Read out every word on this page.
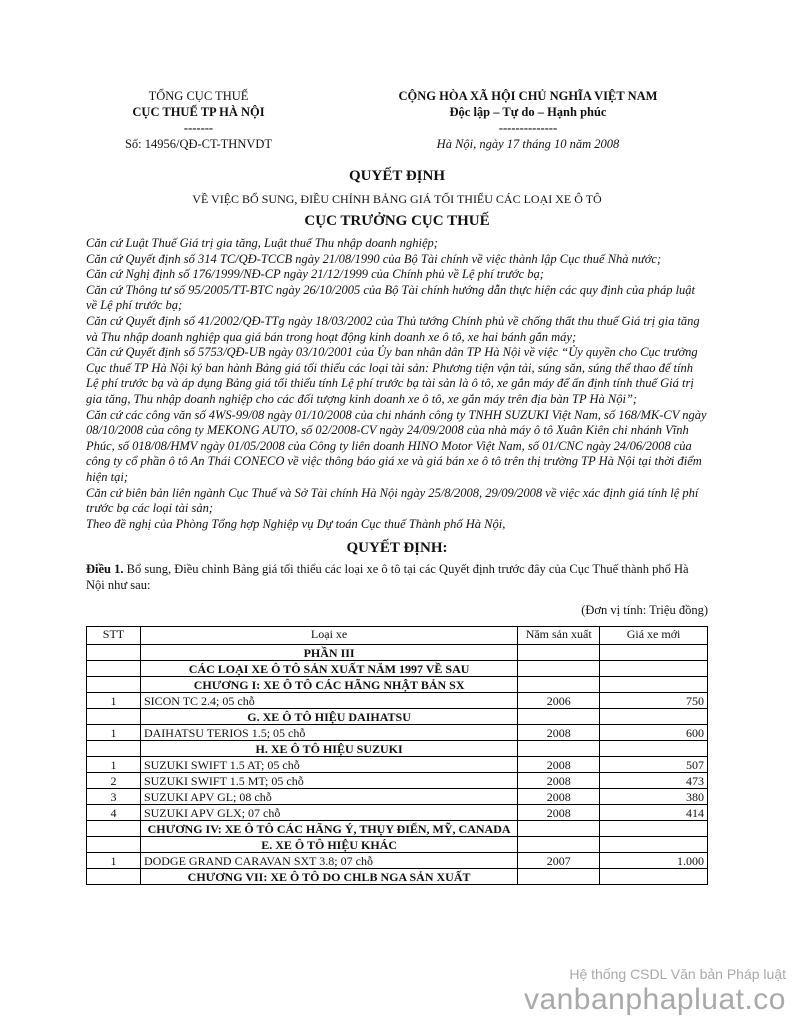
TỔNG CỤC THUẾ
CỤC THUẾ TP HÀ NỘI
-------
Số: 14956/QĐ-CT-THNVDT
CỘNG HÒA XÃ HỘI CHỦ NGHĨA VIỆT NAM
Độc lập – Tự do – Hạnh phúc
--------------
Hà Nội, ngày 17 tháng 10 năm 2008
QUYẾT ĐỊNH
VỀ VIỆC BỔ SUNG, ĐIỀU CHỈNH BẢNG GIÁ TỐI THIỂU CÁC LOẠI XE Ô TÔ
CỤC TRƯỞNG CỤC THUẾ

Căn cứ Luật Thuế Giá trị gia tăng, Luật thuế Thu nhập doanh nghiệp;

Căn cứ Quyết định số 314 TC/QĐ-TCCB ngày 21/08/1990 của Bộ Tài chính về việc thành lập Cục thuế Nhà nước;

Căn cứ Nghị định số 176/1999/NĐ-CP ngày 21/12/1999 của Chính phủ về Lệ phí trước bạ;

Căn cứ Thông tư số 95/2005/TT-BTC ngày 26/10/2005 của Bộ Tài chính hướng dẫn thực hiện các quy định của pháp luật về Lệ phí trước bạ;

Căn cứ Quyết định số 41/2002/QĐ-TTg ngày 18/03/2002 của Thủ tướng Chính phủ về chống thất thu thuế Giá trị gia tăng và Thu nhập doanh nghiệp qua giá bán trong hoạt động kinh doanh xe ô tô, xe hai bánh gắn máy;

Căn cứ Quyết định số 5753/QĐ-UB ngày 03/10/2001 của Ủy ban nhân dân TP Hà Nội về việc “Ủy quyền cho Cục trưởng Cục thuế TP Hà Nội ký ban hành Bảng giá tối thiểu các loại tài sản: Phương tiện vận tải, súng săn, súng thể thao để tính Lệ phí trước bạ và áp dụng Bảng giá tối thiểu tính Lệ phí trước bạ tài sản là ô tô, xe gắn máy để ấn định tính thuế Giá trị gia tăng, Thu nhập doanh nghiệp cho các đối tượng kinh doanh xe ô tô, xe gắn máy trên địa bàn TP Hà Nội”;

Căn cứ các công văn số 4WS-99/08 ngày 01/10/2008 của chi nhánh công ty TNHH SUZUKI Việt Nam, số 168/MK-CV ngày 08/10/2008 của công ty MEKONG AUTO, số 02/2008-CV ngày 24/09/2008 của nhà máy ô tô Xuân Kiên chi nhánh Vĩnh Phúc, số 018/08/HMV ngày 01/05/2008 của Công ty liên doanh HINO Motor Việt Nam, số 01/CNC ngày 24/06/2008 của công ty cổ phần ô tô An Thái CONECO về việc thông báo giá xe và giá bán xe ô tô trên thị trường TP Hà Nội tại thời điểm hiện tại;

Căn cứ biên bản liên ngành Cục Thuế và Sở Tài chính Hà Nội ngày 25/8/2008, 29/09/2008 về việc xác định giá tính lệ phí trước bạ các loại tài sản;

Theo đề nghị của Phòng Tổng hợp Nghiệp vụ Dự toán Cục thuế Thành phố Hà Nội,

QUYẾT ĐỊNH:
Điều 1. Bổ sung, Điều chỉnh Bảng giá tối thiểu các loại xe ô tô tại các Quyết định trước đây của Cục Thuế thành phố Hà Nội như sau:
(Đơn vị tính: Triệu đồng)
STT	Loại xe	Năm sản xuất	Giá xe mới
	PHẦN III		
	CÁC LOẠI XE Ô TÔ SẢN XUẤT NĂM 1997 VỀ SAU		
	CHƯƠNG I: XE Ô TÔ CÁC HÃNG NHẬT BẢN SX		
1	SICON TC 2.4; 05 chỗ	2006	750
	G. XE Ô TÔ HIỆU DAIHATSU		
1	DAIHATSU TERIOS 1.5; 05 chỗ	2008	600
	H. XE Ô TÔ HIỆU SUZUKI		
1	SUZUKI SWIFT 1.5 AT; 05 chỗ	2008	507
2	SUZUKI SWIFT 1.5 MT; 05 chỗ	2008	473
3	SUZUKI APV GL; 08 chỗ	2008	380
4	SUZUKI APV GLX; 07 chỗ	2008	414
	CHƯƠNG IV: XE Ô TÔ CÁC HÃNG Ý, THỤY ĐIỂN, MỸ, CANADA		
	E. XE Ô TÔ HIỆU KHÁC		
1	DODGE GRAND CARAVAN SXT 3.8; 07 chỗ	2007	1.000
	CHƯƠNG VII: XE Ô TÔ DO CHLB NGA SẢN XUẤT		
Hệ thống CSDL Văn bản Pháp luật
vanbanphapluat.co
